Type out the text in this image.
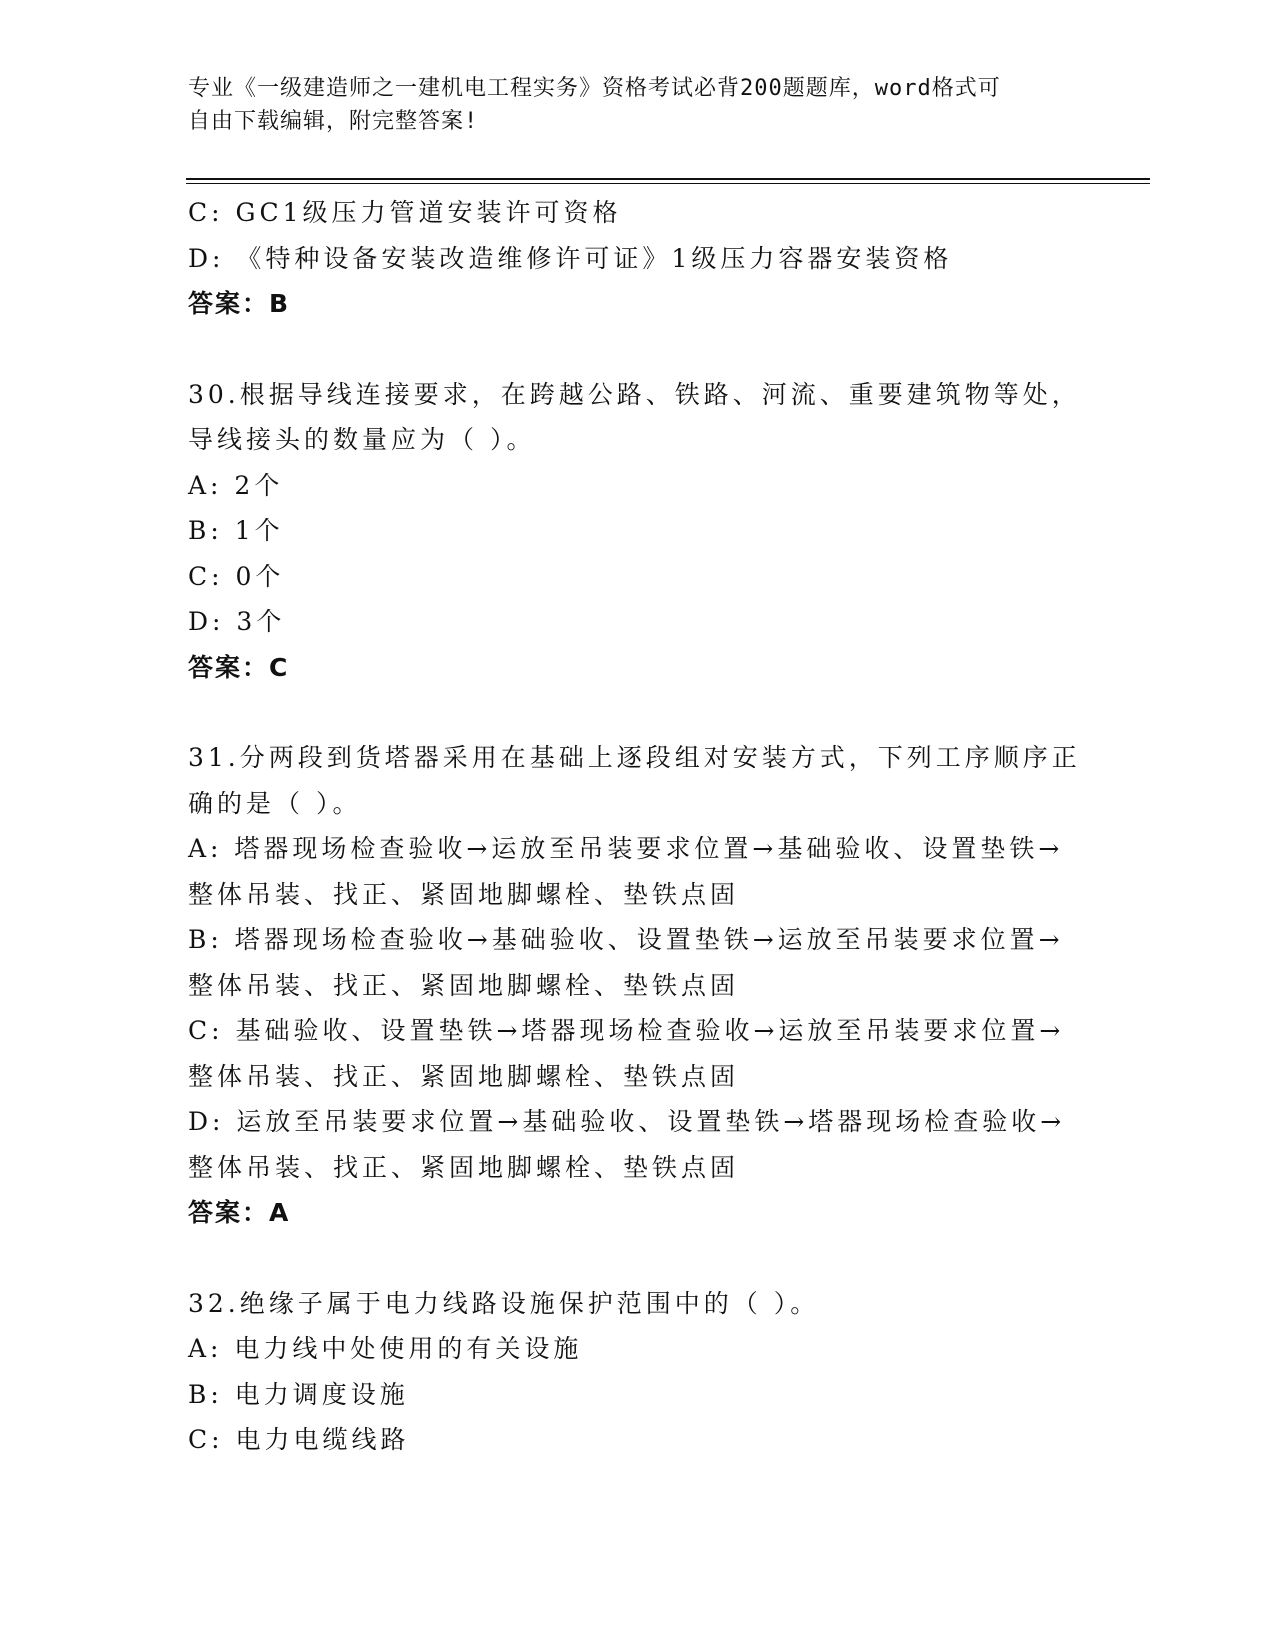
专业《一级建造师之一建机电工程实务》资格考试必背200题题库，word格式可
自由下载编辑，附完整答案!
C: GC1级压力管道安装许可资格
D: 《特种设备安装改造维修许可证》1级压力容器安装资格
答案：B
30.根据导线连接要求，在跨越公路、铁路、河流、重要建筑物等处，
导线接头的数量应为（ ）。
A: 2个
B: 1个
C: 0个
D: 3个
答案：C
31.分两段到货塔器采用在基础上逐段组对安装方式，下列工序顺序正
确的是（ ）。
A: 塔器现场检查验收→运放至吊装要求位置→基础验收、设置垫铁→
整体吊装、找正、紧固地脚螺栓、垫铁点固
B: 塔器现场检查验收→基础验收、设置垫铁→运放至吊装要求位置→
整体吊装、找正、紧固地脚螺栓、垫铁点固
C: 基础验收、设置垫铁→塔器现场检查验收→运放至吊装要求位置→
整体吊装、找正、紧固地脚螺栓、垫铁点固
D: 运放至吊装要求位置→基础验收、设置垫铁→塔器现场检查验收→
整体吊装、找正、紧固地脚螺栓、垫铁点固
答案：A
32.绝缘子属于电力线路设施保护范围中的（ ）。
A: 电力线中处使用的有关设施
B: 电力调度设施
C: 电力电缆线路
